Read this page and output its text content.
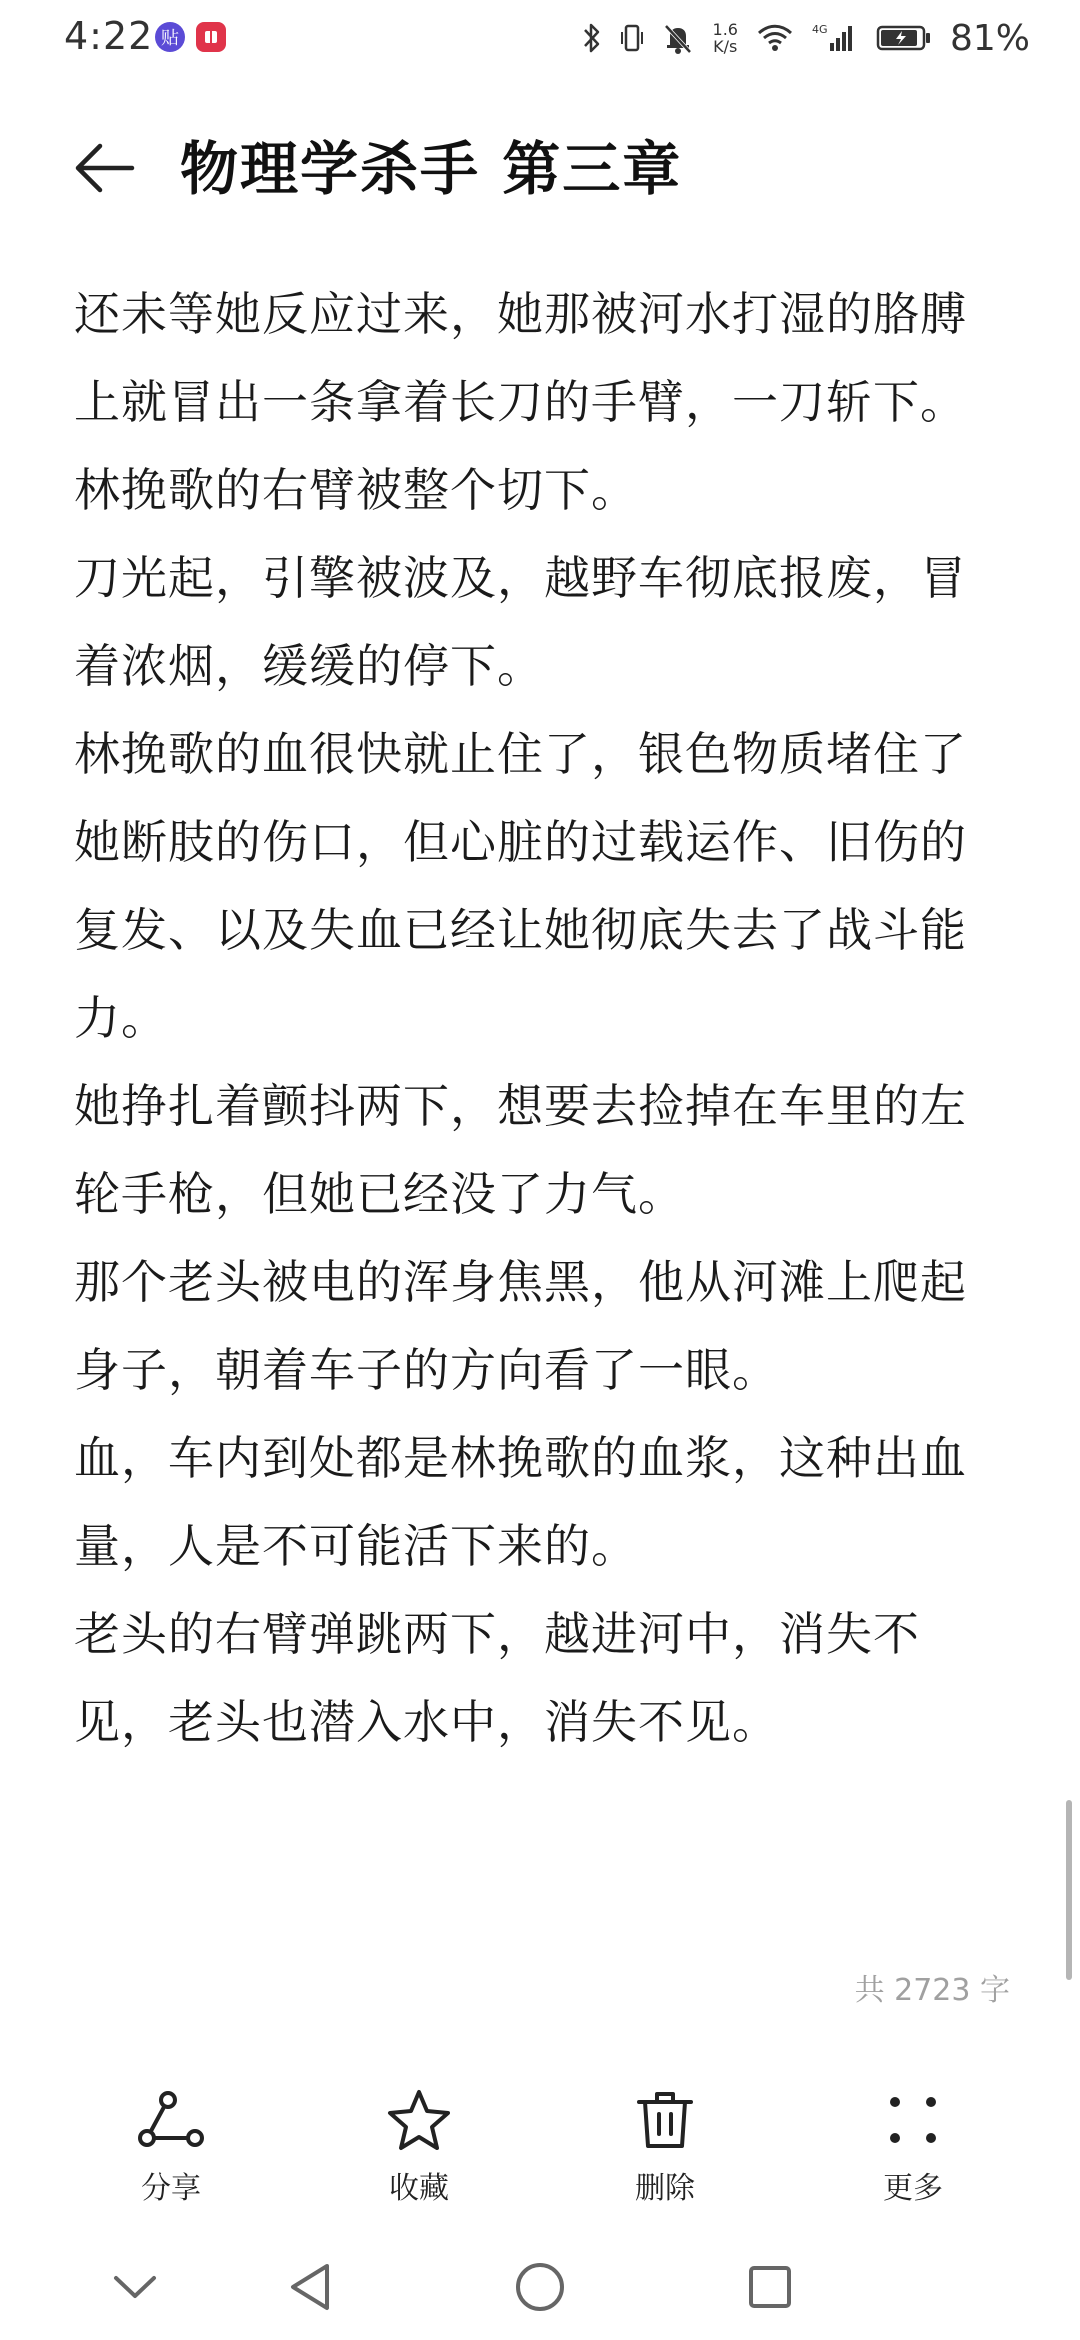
4:22 贴	1.6
K/s
4G	81%
物理学杀手 第三章

还未等她反应过来，她那被河水打湿的胳膊上就冒出一条拿着长刀的手臂，一刀斩下。

林挽歌的右臂被整个切下。

刀光起，引擎被波及，越野车彻底报废，冒着浓烟，缓缓的停下。

林挽歌的血很快就止住了，银色物质堵住了她断肢的伤口，但心脏的过载运作、旧伤的复发、以及失血已经让她彻底失去了战斗能力。

她挣扎着颤抖两下，想要去捡掉在车里的左轮手枪，但她已经没了力气。

那个老头被电的浑身焦黑，他从河滩上爬起身子，朝着车子的方向看了一眼。

血，车内到处都是林挽歌的血浆，这种出血量，人是不可能活下来的。

老头的右臂弹跳两下，越进河中，消失不见，老头也潜入水中，消失不见。

共 2723 字
分享	收藏	删除	更多
